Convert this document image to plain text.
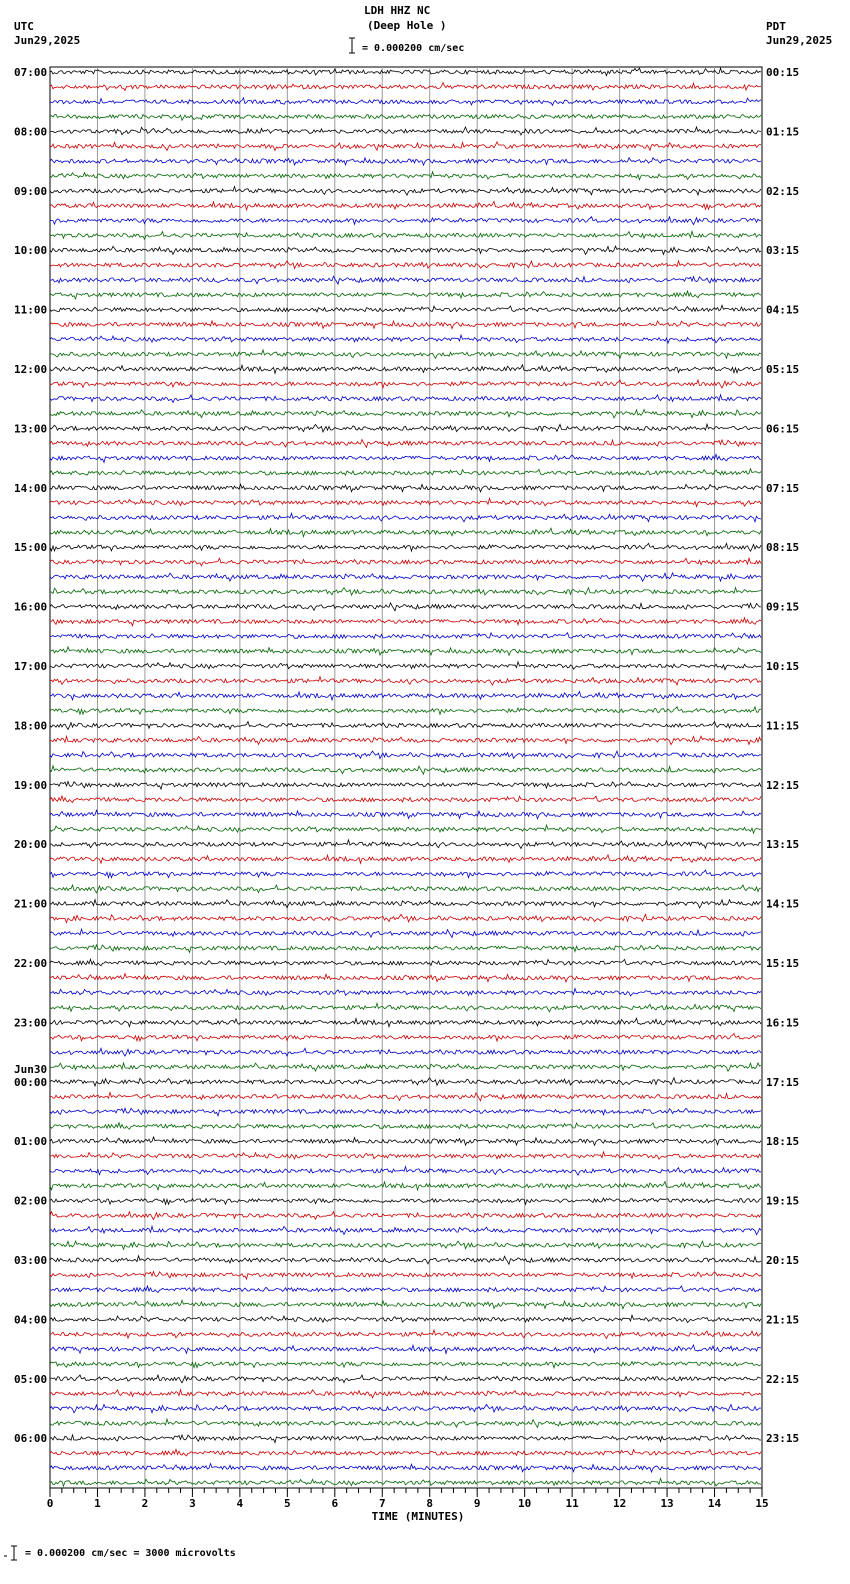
LDH HHZ NC
(Deep Hole )
UTC
Jun29,2025
PDT
Jun29,2025
= 0.000200 cm/sec
= 0.000200 cm/sec = 3000 microvolts
07:00
08:00
09:00
10:00
11:00
12:00
13:00
14:00
15:00
16:00
17:00
18:00
19:00
20:00
21:00
22:00
23:00
00:00
01:00
02:00
03:00
04:00
05:00
06:00
Jun30
00:15
01:15
02:15
03:15
04:15
05:15
06:15
07:15
08:15
09:15
10:15
11:15
12:15
13:15
14:15
15:15
16:15
17:15
18:15
19:15
20:15
21:15
22:15
23:15
0	1	2	3	4	5	6	7	8	9	10	11	12	13	14	15
TIME (MINUTES)
